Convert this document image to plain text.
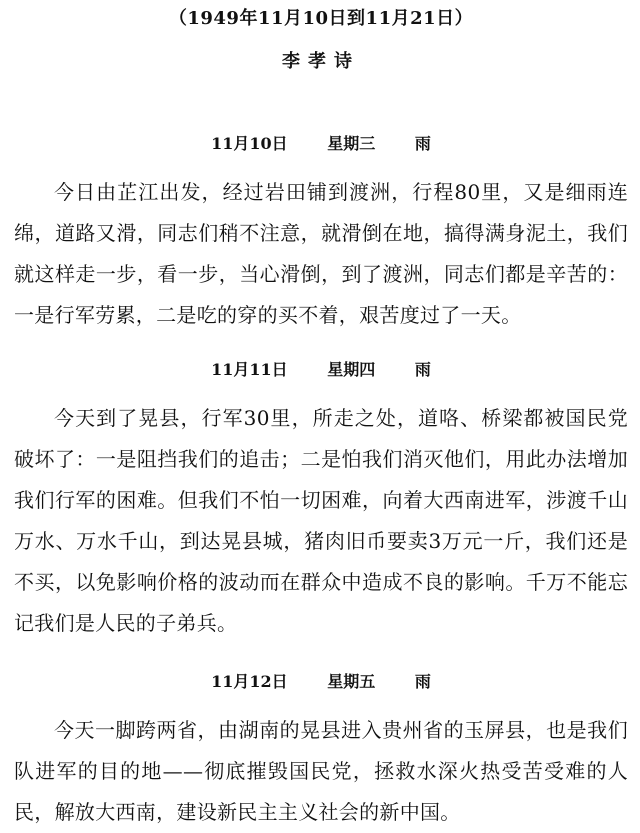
（1949年11月10日到11月21日）
李孝诗
11月10日 星期三 雨
今日由芷江出发，经过岩田铺到渡洲，行程80里，又是细雨连绵，道路又滑，同志们稍不注意，就滑倒在地，搞得满身泥土，我们就这样走一步，看一步，当心滑倒，到了渡洲，同志们都是辛苦的：一是行军劳累，二是吃的穿的买不着，艰苦度过了一天。
11月11日 星期四 雨
今天到了晃县，行军30里，所走之处，道咯、桥梁都被国民党破坏了：一是阻挡我们的追击；二是怕我们消灭他们，用此办法增加我们行军的困难。但我们不怕一切困难，向着大西南进军，涉渡千山万水、万水千山，到达晃县城，猪肉旧币要卖3万元一斤，我们还是不买，以免影响价格的波动而在群众中造成不良的影响。千万不能忘记我们是人民的子弟兵。
11月12日 星期五 雨
今天一脚跨两省，由湖南的晃县进入贵州省的玉屏县，也是我们队进军的目的地——彻底摧毁国民党，拯救水深火热受苦受难的人民，解放大西南，建设新民主主义社会的新中国。
